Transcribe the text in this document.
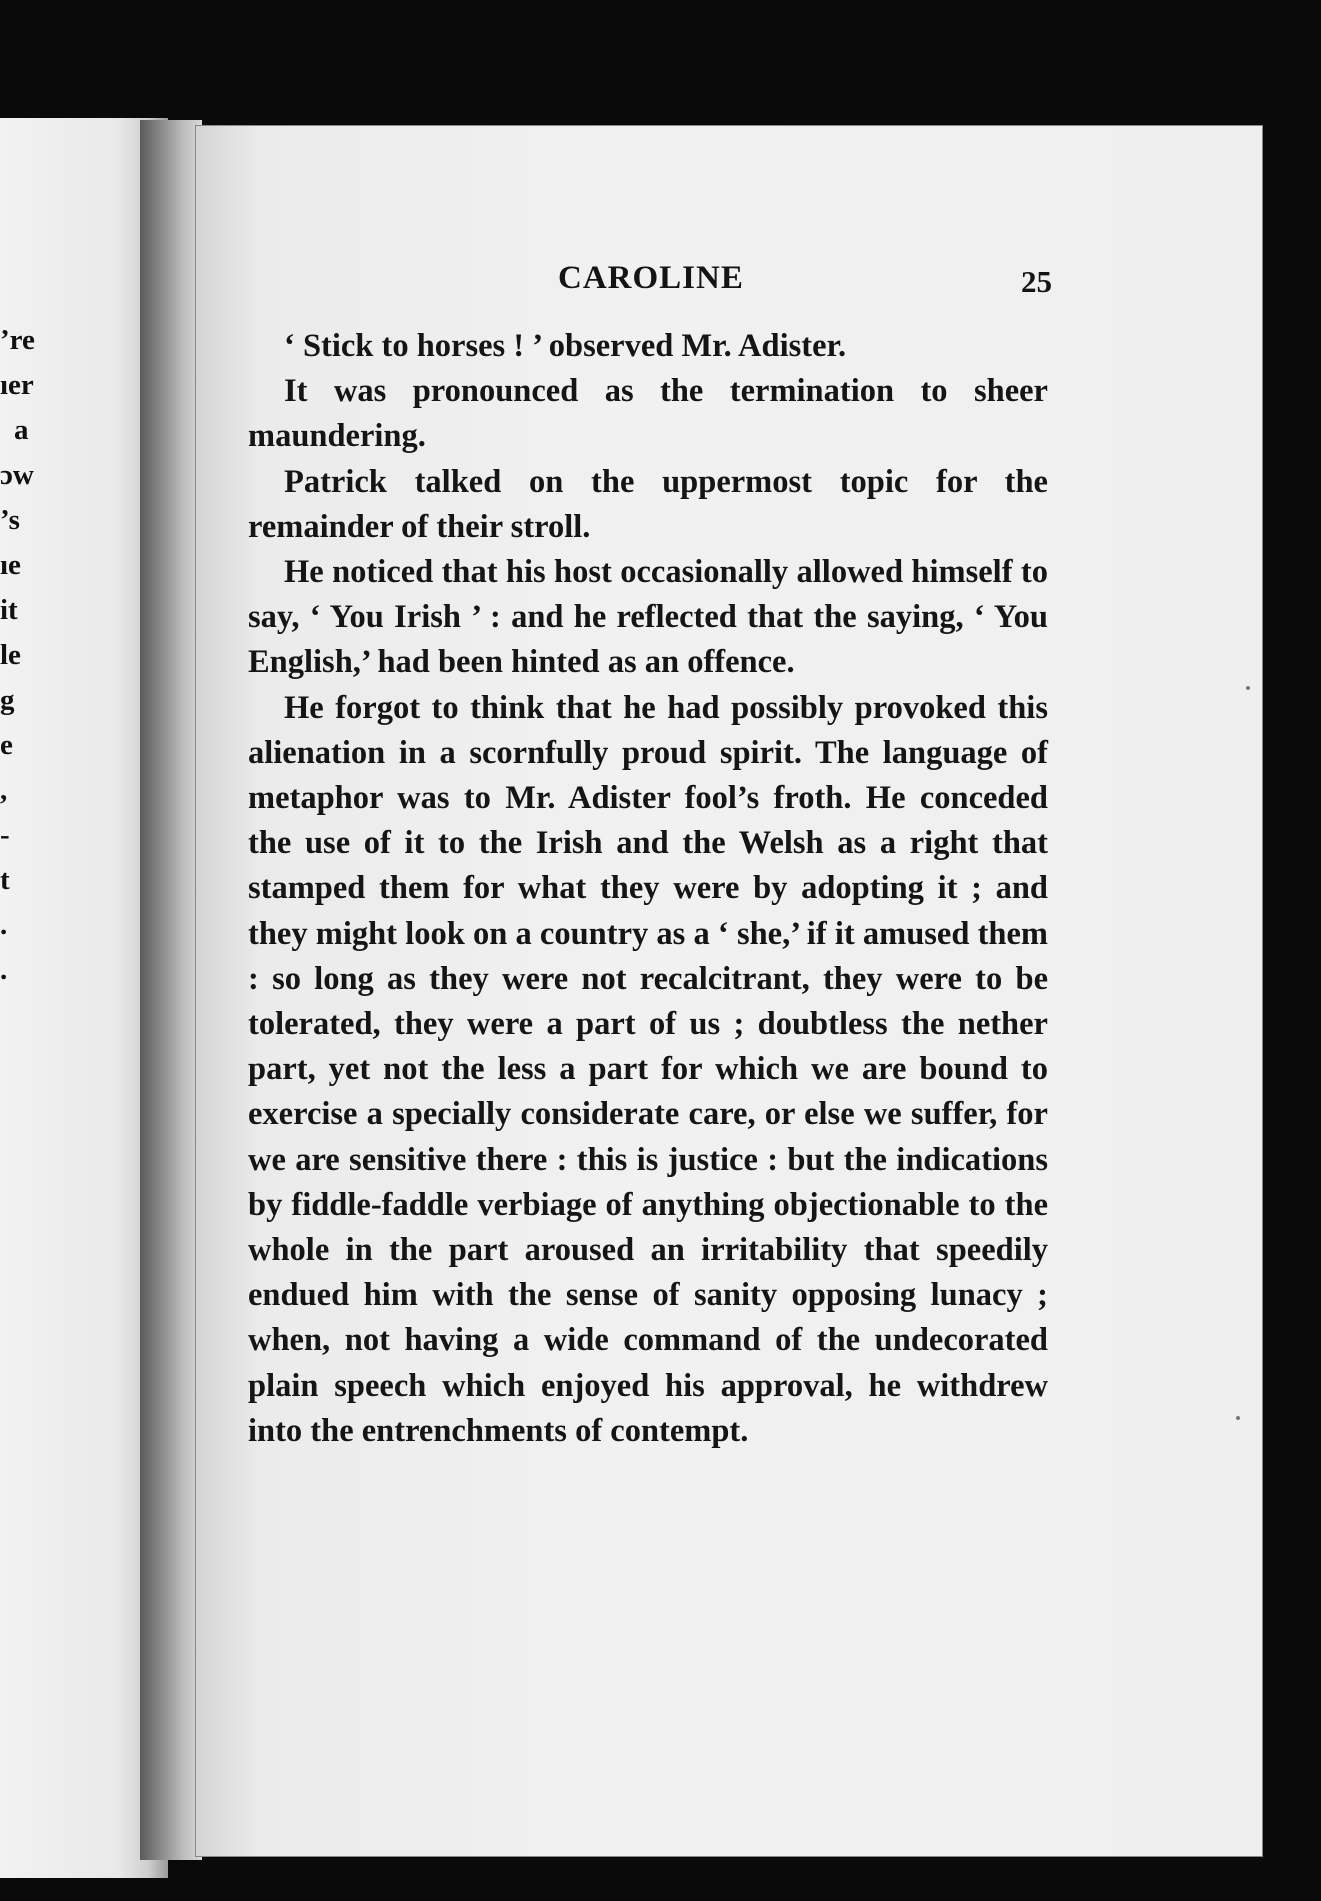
’re
ıer
a
ɔw
’s
ıe
it
le
g
e
,
-
t
.
.
CAROLINE	25

‘ Stick to horses ! ’ observed Mr. Adister.

It was pronounced as the termination to sheer maundering.

Patrick talked on the uppermost topic for the remainder of their stroll.

He noticed that his host occasionally allowed himself to say, ‘ You Irish ’ : and he reflected that the saying, ‘ You English,’ had been hinted as an offence.

He forgot to think that he had possibly provoked this alienation in a scornfully proud spirit. The language of metaphor was to Mr. Adister fool’s froth. He conceded the use of it to the Irish and the Welsh as a right that stamped them for what they were by adopting it ; and they might look on a country as a ‘ she,’ if it amused them : so long as they were not recalcitrant, they were to be tolerated, they were a part of us ; doubtless the nether part, yet not the less a part for which we are bound to exercise a specially considerate care, or else we suffer, for we are sensitive there : this is justice : but the indications by fiddle-faddle verbiage of anything objectionable to the whole in the part aroused an irritability that speedily endued him with the sense of sanity opposing lunacy ; when, not having a wide command of the undecorated plain speech which enjoyed his approval, he withdrew into the entrenchments of contempt.
